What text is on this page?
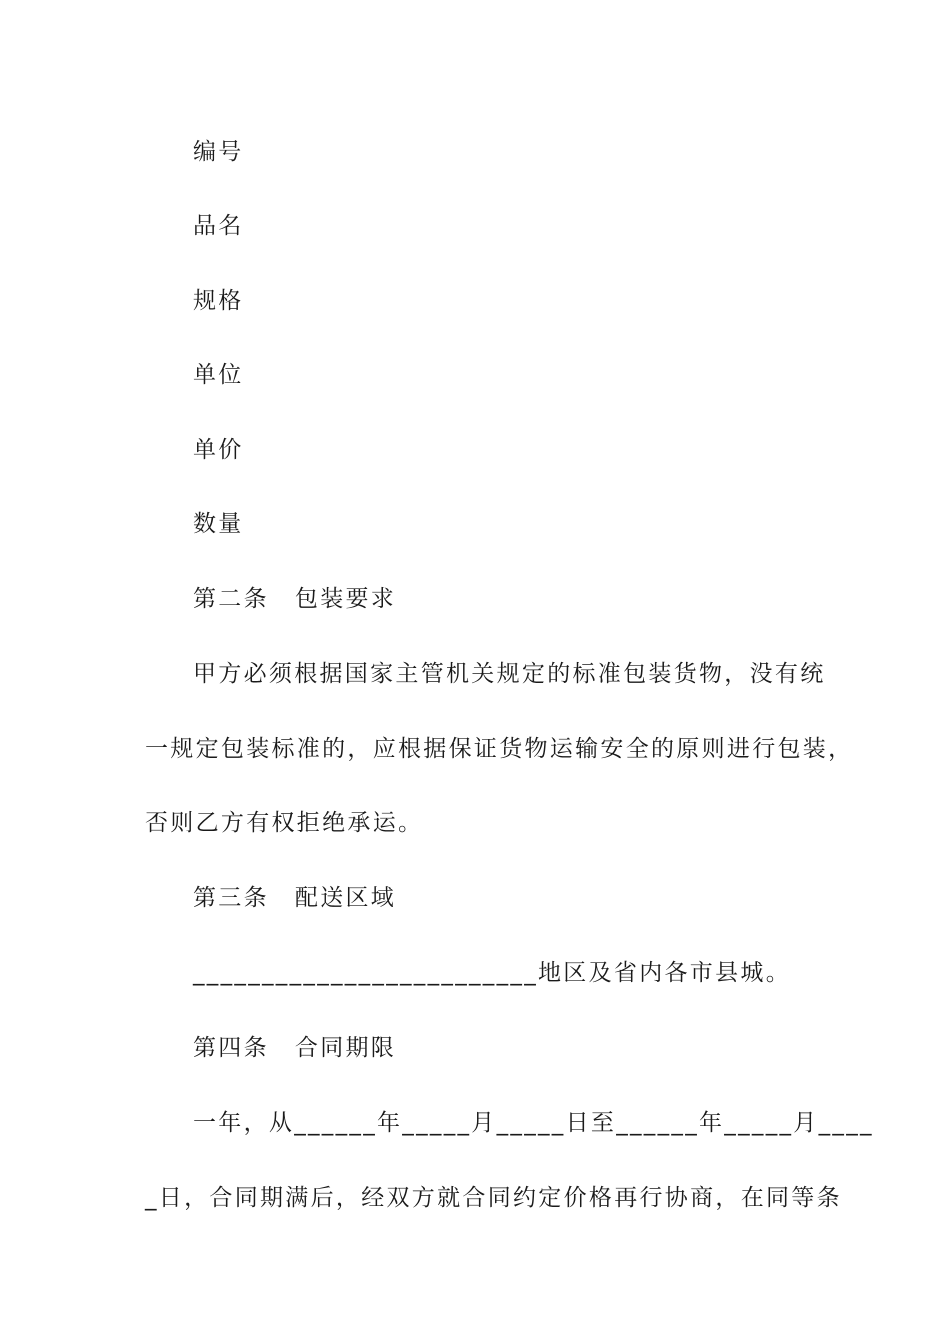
编号
品名
规格
单位
单价
数量
第二条 包装要求
甲方必须根据国家主管机关规定的标准包装货物，没有统
一规定包装标准的，应根据保证货物运输安全的原则进行包装，
否则乙方有权拒绝承运。
第三条 配送区域
_________________________地区及省内各市县城。
第四条 合同期限
一年，从______年_____月_____日至______年_____月____
_日，合同期满后，经双方就合同约定价格再行协商，在同等条
